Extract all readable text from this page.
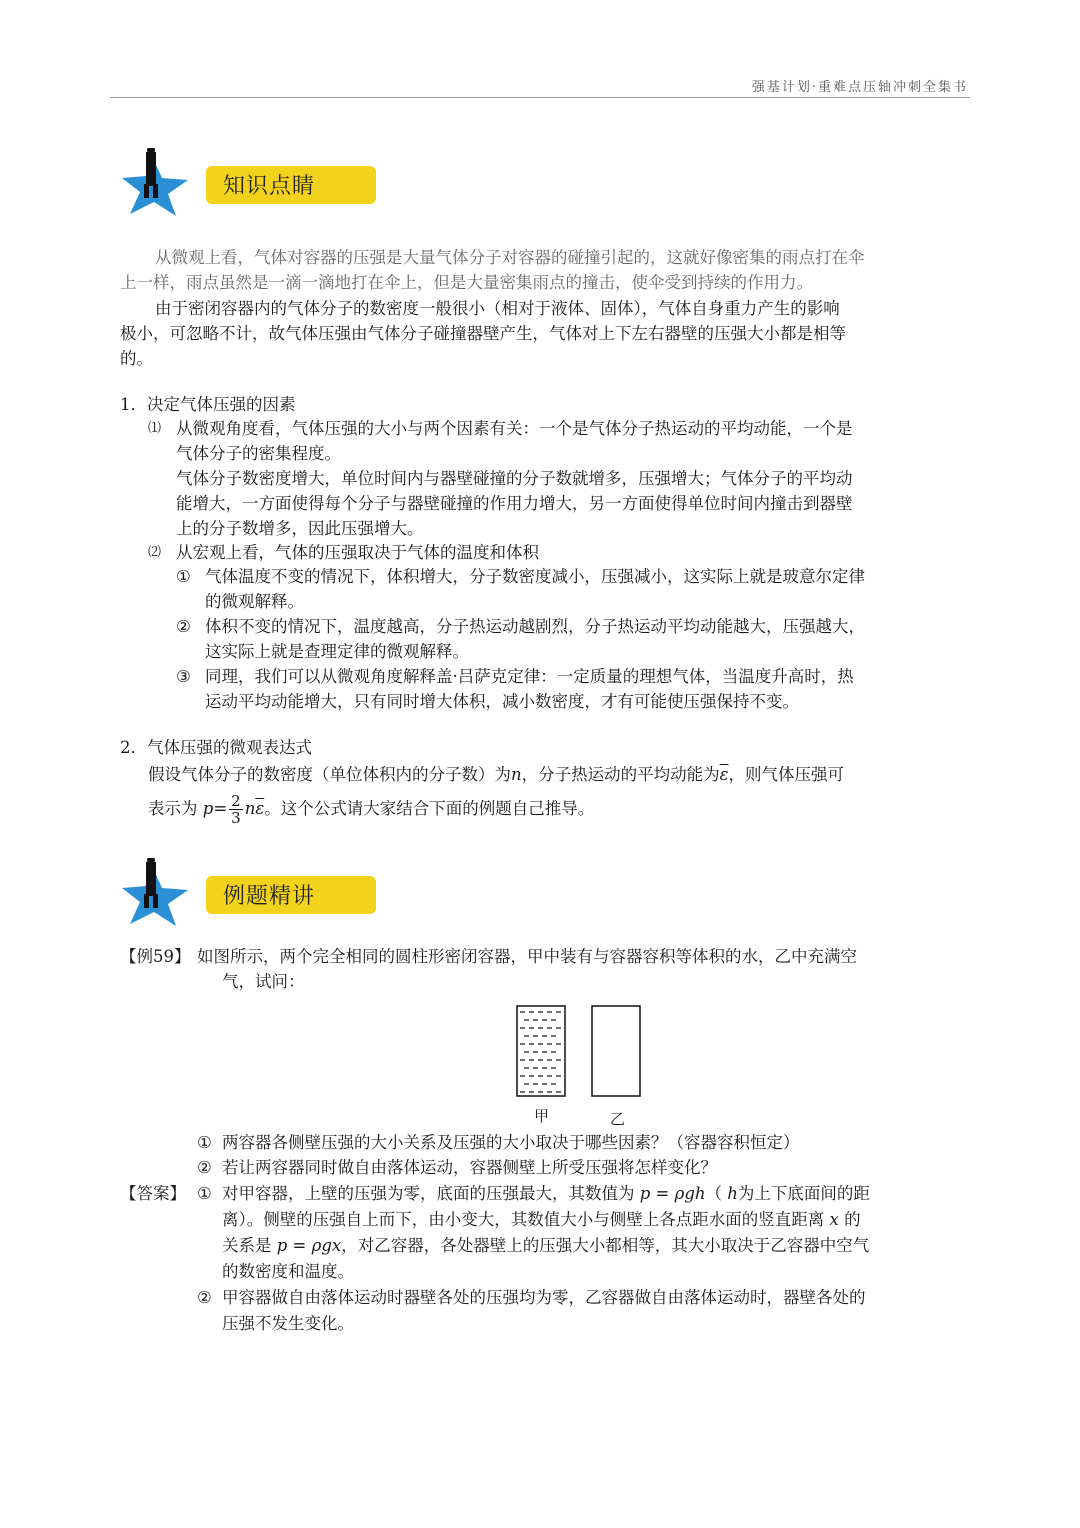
强基计划·重难点压轴冲刺全集书
知识点睛
从微观上看，气体对容器的压强是大量气体分子对容器的碰撞引起的，这就好像密集的雨点打在伞
上一样，雨点虽然是一滴一滴地打在伞上，但是大量密集雨点的撞击，使伞受到持续的作用力。
由于密闭容器内的气体分子的数密度一般很小（相对于液体、固体），气体自身重力产生的影响
极小，可忽略不计，故气体压强由气体分子碰撞器壁产生，气体对上下左右器壁的压强大小都是相等
的。
1．决定气体压强的因素
⑴ 从微观角度看，气体压强的大小与两个因素有关：一个是气体分子热运动的平均动能，一个是
气体分子的密集程度。
气体分子数密度增大，单位时间内与器壁碰撞的分子数就增多，压强增大；气体分子的平均动
能增大，一方面使得每个分子与器壁碰撞的作用力增大，另一方面使得单位时间内撞击到器壁
上的分子数增多，因此压强增大。
⑵ 从宏观上看，气体的压强取决于气体的温度和体积
① 气体温度不变的情况下，体积增大，分子数密度减小，压强减小，这实际上就是玻意尔定律
的微观解释。
② 体积不变的情况下，温度越高，分子热运动越剧烈，分子热运动平均动能越大，压强越大，
这实际上就是查理定律的微观解释。
③ 同理，我们可以从微观角度解释盖·吕萨克定律：一定质量的理想气体，当温度升高时，热
运动平均动能增大，只有同时增大体积，减小数密度，才有可能使压强保持不变。
2．气体压强的微观表达式
假设气体分子的数密度（单位体积内的分子数）为n，分子热运动的平均动能为$\overline{\varepsilon}$，则气体压强可
表示为 $p= \frac{2}{3} n\overline{\varepsilon}$。这个公式请大家结合下面的例题自己推导。
例题精讲
【例59】 如图所示，两个完全相同的圆柱形密闭容器，甲中装有与容器容积等体积的水，乙中充满空
气，试问：
甲	乙
① 两容器各侧壁压强的大小关系及压强的大小取决于哪些因素？（容器容积恒定）
② 若让两容器同时做自由落体运动，容器侧壁上所受压强将怎样变化？
【答案】 ① 对甲容器，上壁的压强为零，底面的压强最大，其数值为 p = ρgh（ h为上下底面间的距
离）。侧壁的压强自上而下，由小变大，其数值大小与侧壁上各点距水面的竖直距离 x 的
关系是 p = ρgx，对乙容器，各处器壁上的压强大小都相等，其大小取决于乙容器中空气
的数密度和温度。
② 甲容器做自由落体运动时器壁各处的压强均为零，乙容器做自由落体运动时，器壁各处的
压强不发生变化。
